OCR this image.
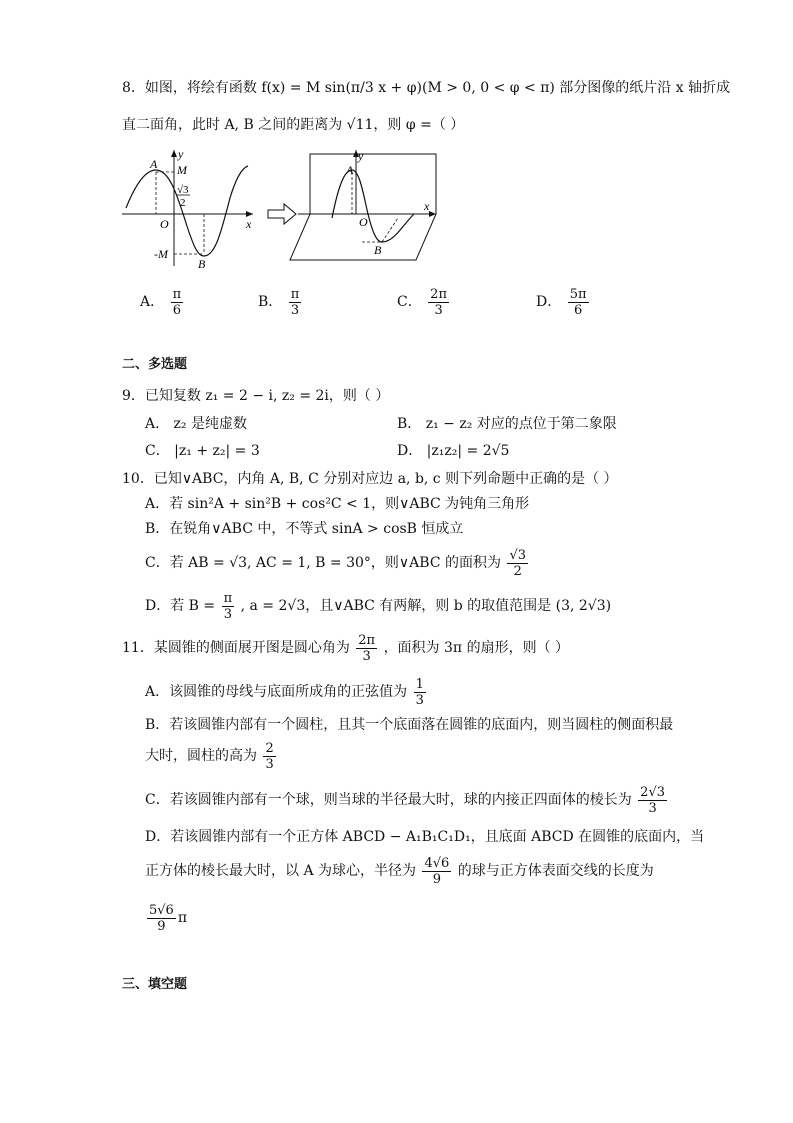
8．如图，将绘有函数 f(x) = M sin(π/3 x + φ)(M > 0, 0 < φ < π) 部分图像的纸片沿 x 轴折成
直二面角，此时 A, B 之间的距离为 √11，则 φ =（ ）
y
A M
√3
2
O	x
-M
B
y
A
O
x
B
A． $\frac{\pi}{6}$	B． $\frac{\pi}{3}$	C． $\frac{2\pi}{3}$	D． $\frac{5\pi}{6}$
二、多选题
9．已知复数 z₁ = 2 − i, z₂ = 2i，则（ ）
A． z₂ 是纯虚数	B． z₁ − z₂ 对应的点位于第二象限
C． |z₁ + z₂| = 3	D． |z₁z₂| = 2√5
10．已知∨ABC，内角 A, B, C 分别对应边 a, b, c 则下列命题中正确的是（ ）
A．若 sin²A + sin²B + cos²C < 1，则∨ABC 为钝角三角形
B．在锐角∨ABC 中，不等式 sinA > cosB 恒成立
C．若 AB = √3, AC = 1, B = 30°，则∨ABC 的面积为 $\frac{√3}{2}$
D．若 $B = \frac{\pi}{3}$ , a = 2√3，且∨ABC 有两解，则 b 的取值范围是 (3, 2√3)
11．某圆锥的侧面展开图是圆心角为 $\frac{2\pi}{3}$ ，面积为 3π 的扇形，则（ ）
A．该圆锥的母线与底面所成角的正弦值为 $\frac{1}{3}$
B．若该圆锥内部有一个圆柱，且其一个底面落在圆锥的底面内，则当圆柱的侧面积最
大时，圆柱的高为 $\frac{2}{3}$
C．若该圆锥内部有一个球，则当球的半径最大时，球的内接正四面体的棱长为 $\frac{2√3}{3}$
D．若该圆锥内部有一个正方体 ABCD − A₁B₁C₁D₁，且底面 ABCD 在圆锥的底面内，当
正方体的棱长最大时，以 A 为球心，半径为 $\frac{4√6}{9}$ 的球与正方体表面交线的长度为
$\frac{5√6}{9}$ π
三、填空题
